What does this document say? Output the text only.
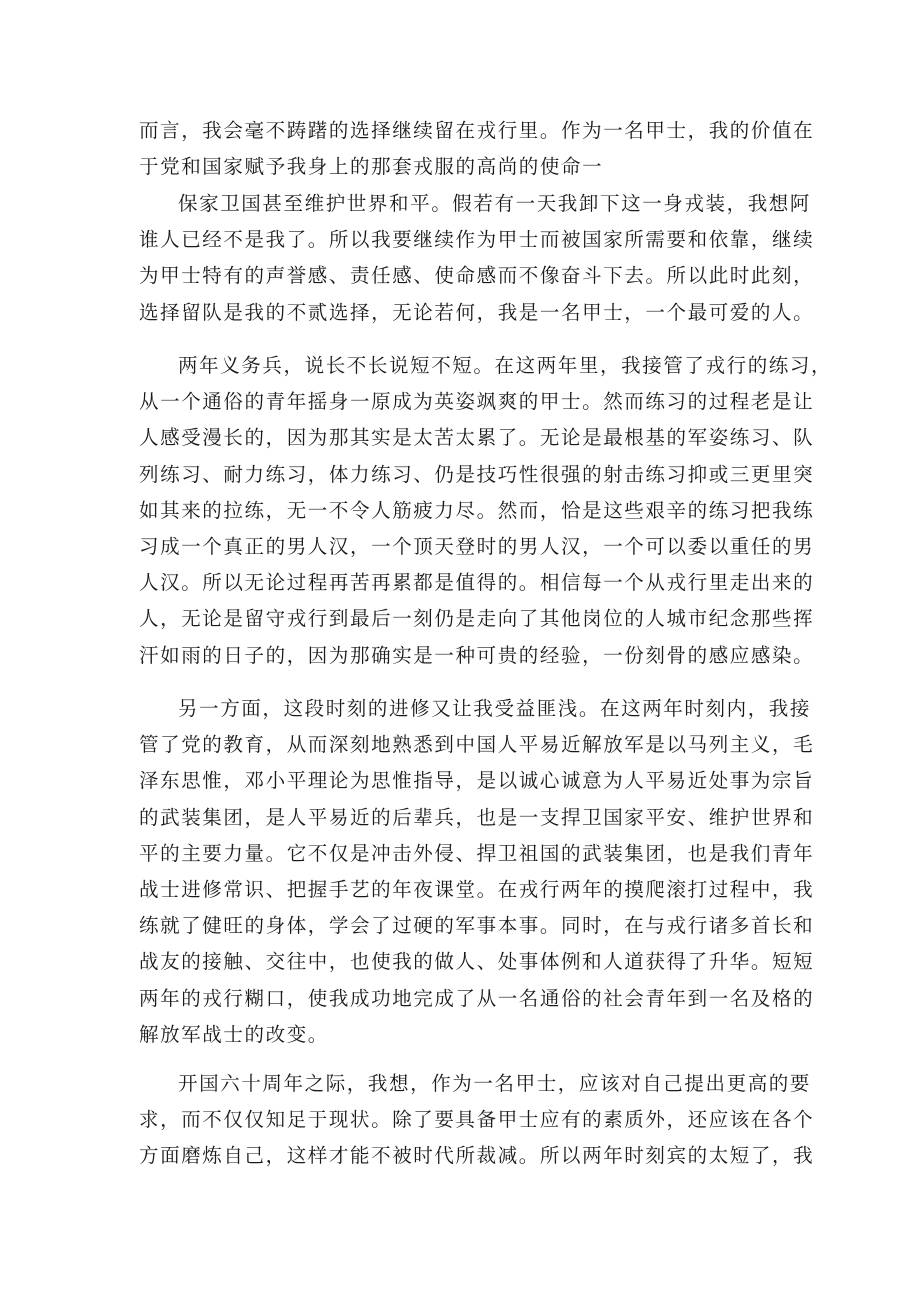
而言，我会毫不踌躇的选择继续留在戎行里。作为一名甲士，我的价值在
于党和国家赋予我身上的那套戎服的高尚的使命一
保家卫国甚至维护世界和平。假若有一天我卸下这一身戎装，我想阿
谁人已经不是我了。所以我要继续作为甲士而被国家所需要和依靠，继续
为甲士特有的声誉感、责任感、使命感而不像奋斗下去。所以此时此刻，
选择留队是我的不贰选择，无论若何，我是一名甲士，一个最可爱的人。
两年义务兵，说长不长说短不短。在这两年里，我接管了戎行的练习，
从一个通俗的青年摇身一原成为英姿飒爽的甲士。然而练习的过程老是让
人感受漫长的，因为那其实是太苦太累了。无论是最根基的军姿练习、队
列练习、耐力练习，体力练习、仍是技巧性很强的射击练习抑或三更里突
如其来的拉练，无一不令人筋疲力尽。然而，恰是这些艰辛的练习把我练
习成一个真正的男人汉，一个顶天登时的男人汉，一个可以委以重任的男
人汉。所以无论过程再苦再累都是值得的。相信每一个从戎行里走出来的
人，无论是留守戎行到最后一刻仍是走向了其他岗位的人城市纪念那些挥
汗如雨的日子的，因为那确实是一种可贵的经验，一份刻骨的感应感染。
另一方面，这段时刻的进修又让我受益匪浅。在这两年时刻内，我接
管了党的教育，从而深刻地熟悉到中国人平易近解放军是以马列主义，毛
泽东思惟，邓小平理论为思惟指导，是以诚心诚意为人平易近处事为宗旨
的武装集团，是人平易近的后辈兵，也是一支捍卫国家平安、维护世界和
平的主要力量。它不仅是冲击外侵、捍卫祖国的武装集团，也是我们青年
战士进修常识、把握手艺的年夜课堂。在戎行两年的摸爬滚打过程中，我
练就了健旺的身体，学会了过硬的军事本事。同时，在与戎行诸多首长和
战友的接触、交往中，也使我的做人、处事体例和人道获得了升华。短短
两年的戎行糊口，使我成功地完成了从一名通俗的社会青年到一名及格的
解放军战士的改变。
开国六十周年之际，我想，作为一名甲士，应该对自己提出更高的要
求，而不仅仅知足于现状。除了要具备甲士应有的素质外，还应该在各个
方面磨炼自己，这样才能不被时代所裁减。所以两年时刻宾的太短了，我
